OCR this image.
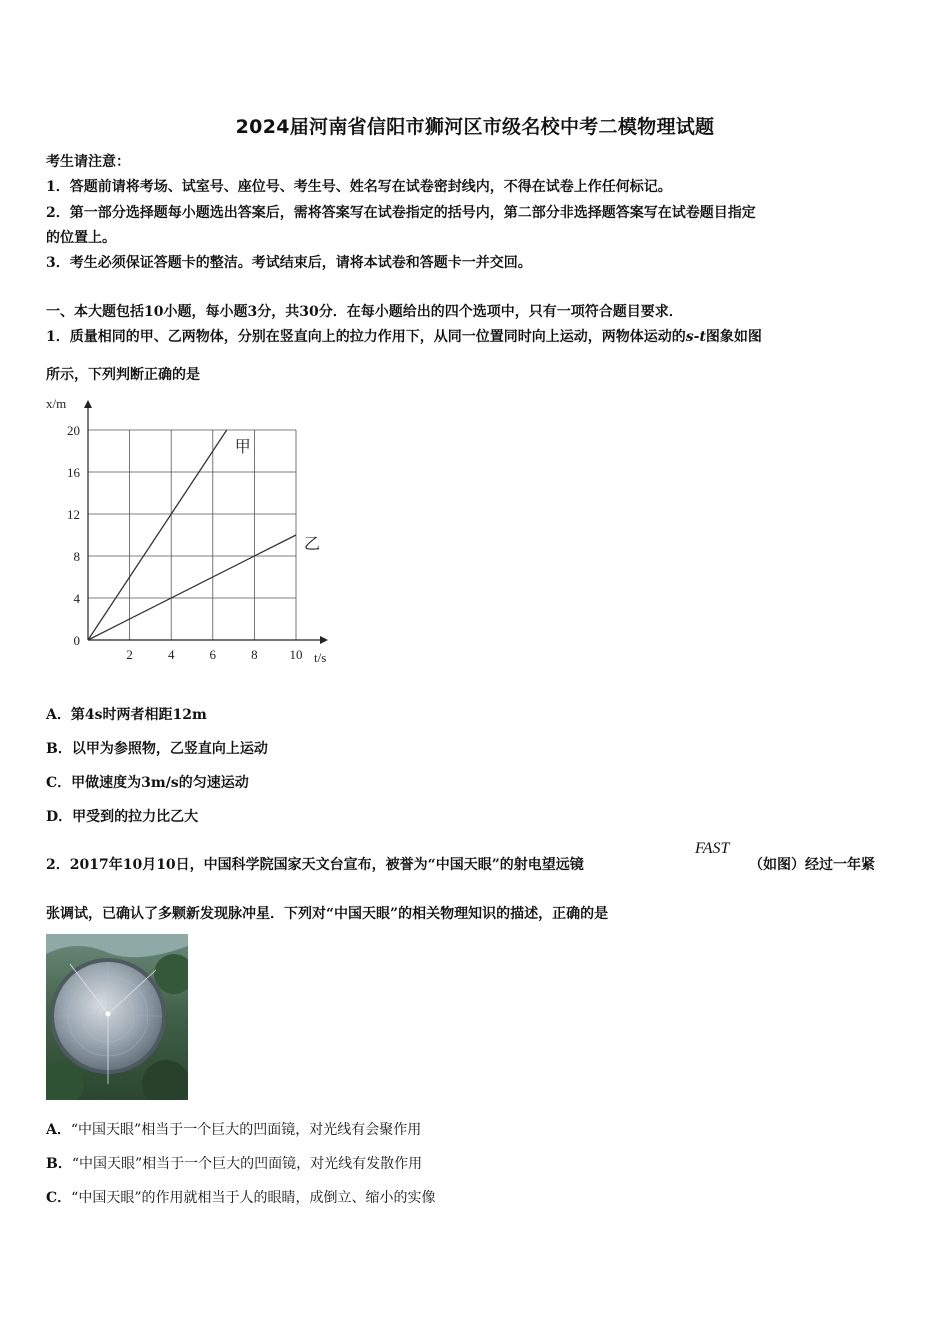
2024届河南省信阳市狮河区市级名校中考二模物理试题
考生请注意：
1．答题前请将考场、试室号、座位号、考生号、姓名写在试卷密封线内，不得在试卷上作任何标记。
2．第一部分选择题每小题选出答案后，需将答案写在试卷指定的括号内，第二部分非选择题答案写在试卷题目指定
的位置上。
3．考生必须保证答题卡的整洁。考试结束后，请将本试卷和答题卡一并交回。
一、本大题包括10小题，每小题3分，共30分．在每小题给出的四个选项中，只有一项符合题目要求．
1．质量相同的甲、乙两物体，分别在竖直向上的拉力作用下，从同一位置同时向上运动，两物体运动的s-t图象如图
所示，下列判断正确的是
2	4	6	8 10
4
8
12
16
20
0
t/s
x/m
甲
乙
A．第4s时两者相距12m
B．以甲为参照物，乙竖直向上运动
C．甲做速度为3m/s的匀速运动
D．甲受到的拉力比乙大
2．2017年10月10日，中国科学院国家天文台宣布，被誉为“中国天眼”的射电望远镜
FAST
（如图）经过一年紧
张调试，已确认了多颗新发现脉冲星．下列对“中国天眼”的相关物理知识的描述，正确的是
A．“中国天眼”相当于一个巨大的凹面镜，对光线有会聚作用
B．“中国天眼”相当于一个巨大的凹面镜，对光线有发散作用
C．“中国天眼”的作用就相当于人的眼睛，成倒立、缩小的实像
